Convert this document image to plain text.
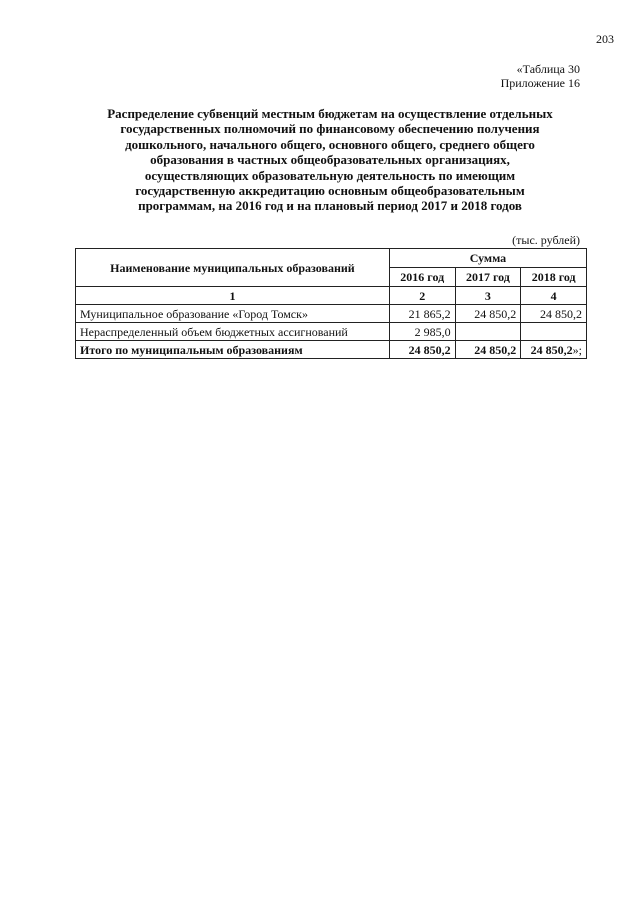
203
«Таблица 30
Приложение 16
Распределение субвенций местным бюджетам на осуществление отдельных
государственных полномочий по финансовому обеспечению получения
дошкольного, начального общего, основного общего, среднего общего
образования в частных общеобразовательных организациях,
осуществляющих образовательную деятельность по имеющим
государственную аккредитацию основным общеобразовательным
программам, на 2016 год и на плановый период 2017 и 2018 годов
(тыс. рублей)
Наименование муниципальных образований	Сумма		
	2016 год	2017 год	2018 год
1	2	3	4
Муниципальное образование «Город Томск»	21 865,2	24 850,2	24 850,2
Нераспределенный объем бюджетных ассигнований	2 985,0		
Итого по муниципальным образованиям	24 850,2	24 850,2	24 850,2»;
